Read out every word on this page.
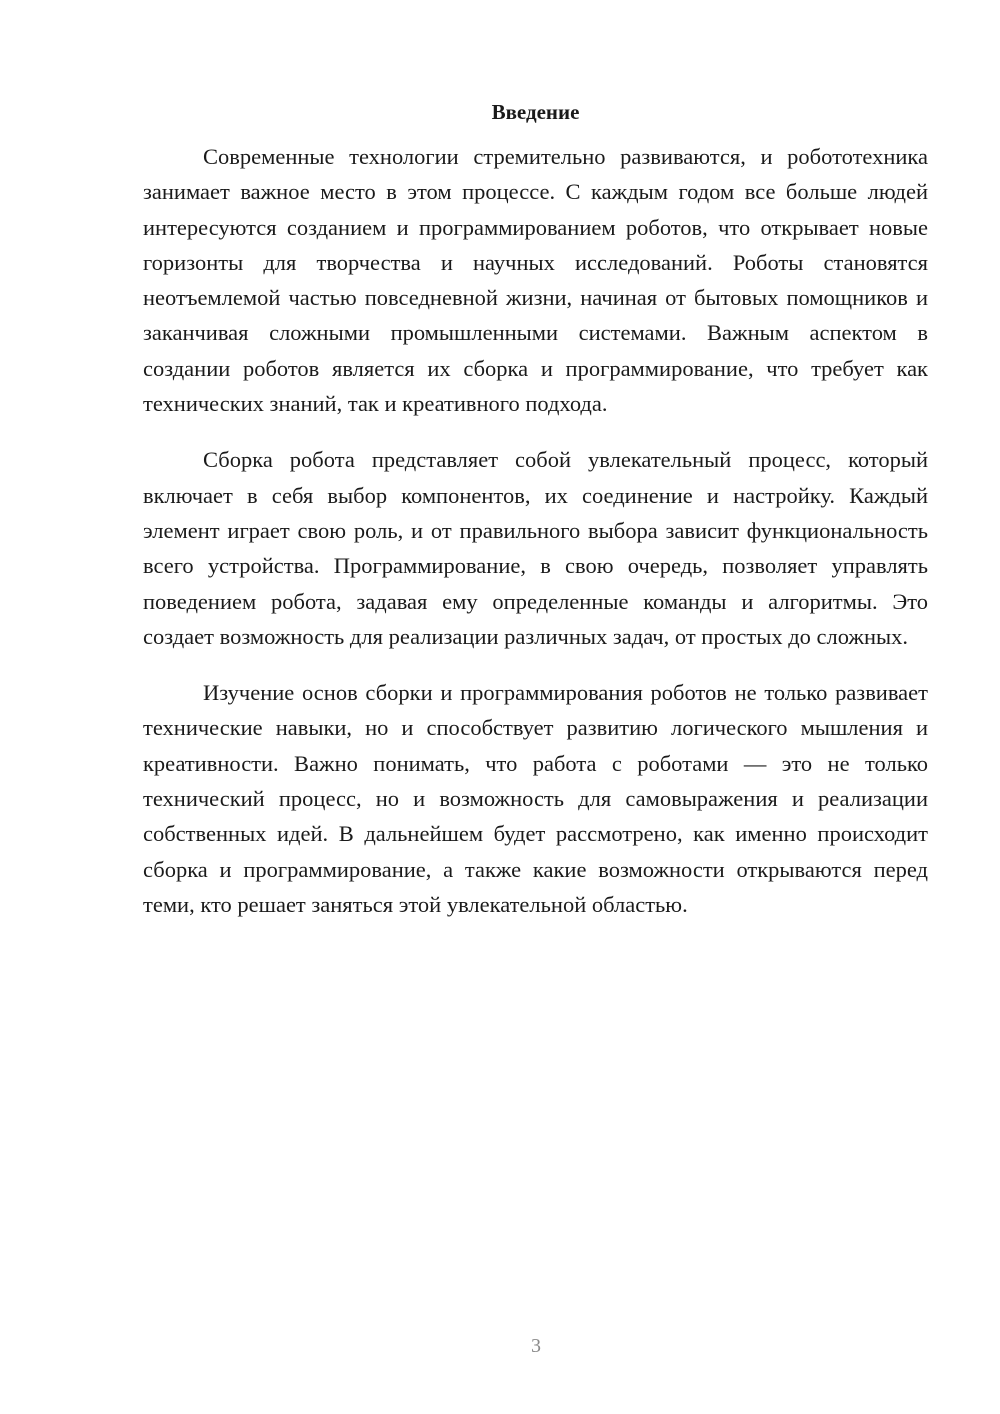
Введение

Современные технологии стремительно развиваются, и робототехника занимает важное место в этом процессе. С каждым годом все больше людей интересуются созданием и программированием роботов, что открывает новые горизонты для творчества и научных исследований. Роботы становятся неотъемлемой частью повседневной жизни, начиная от бытовых помощников и заканчивая сложными промышленными системами. Важным аспектом в создании роботов является их сборка и программирование, что требует как технических знаний, так и креативного подхода.

Сборка робота представляет собой увлекательный процесс, который включает в себя выбор компонентов, их соединение и настройку. Каждый элемент играет свою роль, и от правильного выбора зависит функциональность всего устройства. Программирование, в свою очередь, позволяет управлять поведением робота, задавая ему определенные команды и алгоритмы. Это создает возможность для реализации различных задач, от простых до сложных.

Изучение основ сборки и программирования роботов не только развивает технические навыки, но и способствует развитию логического мышления и креативности. Важно понимать, что работа с роботами — это не только технический процесс, но и возможность для самовыражения и реализации собственных идей. В дальнейшем будет рассмотрено, как именно происходит сборка и программирование, а также какие возможности открываются перед теми, кто решает заняться этой увлекательной областью.

3
